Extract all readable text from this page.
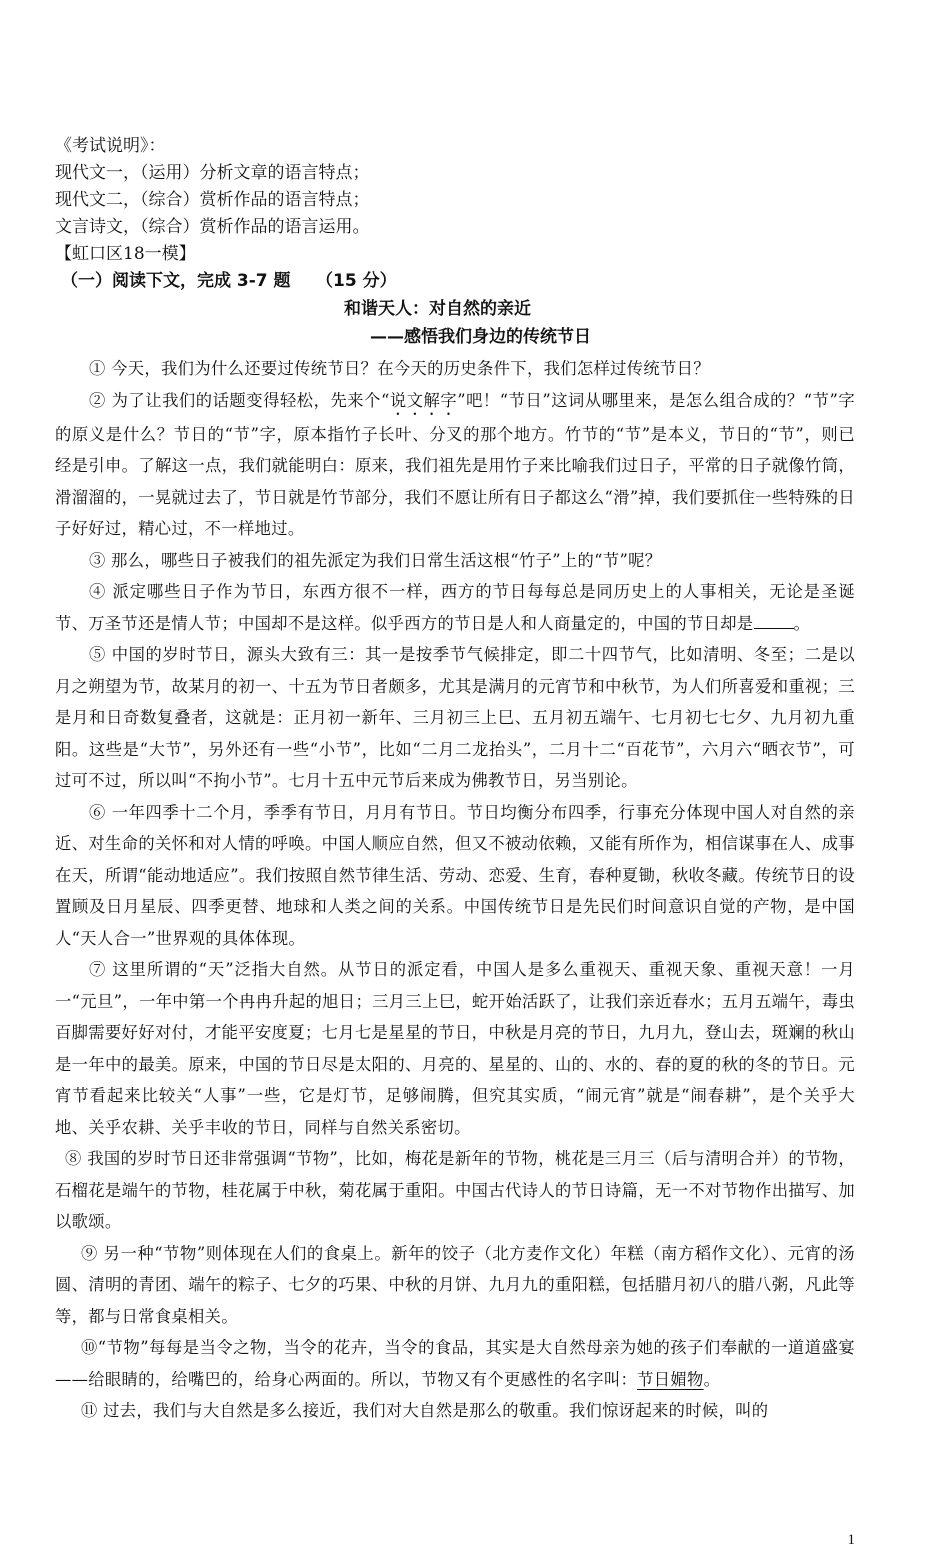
《考试说明》：
现代文一，（运用）分析文章的语言特点；
现代文二，（综合）赏析作品的语言特点；
文言诗文，（综合）赏析作品的语言运用。
【虹口区18一模】
（一）阅读下文，完成 3-7 题　　（15 分）
和谐天人：对自然的亲近
——感悟我们身边的传统节日

① 今天，我们为什么还要过传统节日？在今天的历史条件下，我们怎样过传统节日？

② 为了让我们的话题变得轻松，先来个“说文解字”吧！“节日”这词从哪里来，是怎么组合成的？“节”字的原义是什么？节日的“节”字，原本指竹子长叶、分叉的那个地方。竹节的“节”是本义，节日的“节”，则已经是引申。了解这一点，我们就能明白：原来，我们祖先是用竹子来比喻我们过日子，平常的日子就像竹筒，滑溜溜的，一晃就过去了，节日就是竹节部分，我们不愿让所有日子都这么“滑”掉，我们要抓住一些特殊的日子好好过，精心过，不一样地过。

③ 那么，哪些日子被我们的祖先派定为我们日常生活这根“竹子”上的“节”呢？

④ 派定哪些日子作为节日，东西方很不一样，西方的节日每每总是同历史上的人事相关，无论是圣诞节、万圣节还是情人节；中国却不是这样。似乎西方的节日是人和人商量定的，中国的节日却是 。

⑤ 中国的岁时节日，源头大致有三：其一是按季节气候排定，即二十四节气，比如清明、冬至；二是以月之朔望为节，故某月的初一、十五为节日者颇多，尤其是满月的元宵节和中秋节，为人们所喜爱和重视；三是月和日奇数复叠者，这就是：正月初一新年、三月初三上巳、五月初五端午、七月初七七夕、九月初九重阳。这些是“大节”，另外还有一些“小节”，比如“二月二龙抬头”，二月十二“百花节”，六月六“晒衣节”，可过可不过，所以叫“不拘小节”。七月十五中元节后来成为佛教节日，另当别论。

⑥ 一年四季十二个月，季季有节日，月月有节日。节日均衡分布四季，行事充分体现中国人对自然的亲近、对生命的关怀和对人情的呼唤。中国人顺应自然，但又不被动依赖，又能有所作为，相信谋事在人、成事在天，所谓“能动地适应”。我们按照自然节律生活、劳动、恋爱、生育，春种夏锄，秋收冬藏。传统节日的设置顾及日月星辰、四季更替、地球和人类之间的关系。中国传统节日是先民们时间意识自觉的产物，是中国人“天人合一”世界观的具体体现。

⑦ 这里所谓的“天”泛指大自然。从节日的派定看，中国人是多么重视天、重视天象、重视天意！一月一“元旦”，一年中第一个冉冉升起的旭日；三月三上巳，蛇开始活跃了，让我们亲近春水；五月五端午，毒虫百脚需要好好对付，才能平安度夏；七月七是星星的节日，中秋是月亮的节日，九月九，登山去，斑斓的秋山是一年中的最美。原来，中国的节日尽是太阳的、月亮的、星星的、山的、水的、春的夏的秋的冬的节日。元宵节看起来比较关“人事”一些，它是灯节，足够闹腾，但究其实质，“闹元宵”就是“闹春耕”，是个关乎大地、关乎农耕、关乎丰收的节日，同样与自然关系密切。

⑧ 我国的岁时节日还非常强调“节物”，比如，梅花是新年的节物，桃花是三月三（后与清明合并）的节物，石榴花是端午的节物，桂花属于中秋，菊花属于重阳。中国古代诗人的节日诗篇，无一不对节物作出描写、加以歌颂。

⑨ 另一种“节物”则体现在人们的食桌上。新年的饺子（北方麦作文化）年糕（南方稻作文化）、元宵的汤圆、清明的青团、端午的粽子、七夕的巧果、中秋的月饼、九月九的重阳糕，包括腊月初八的腊八粥，凡此等等，都与日常食桌相关。

⑩“节物”每每是当令之物，当令的花卉，当令的食品，其实是大自然母亲为她的孩子们奉献的一道道盛宴——给眼睛的，给嘴巴的，给身心两面的。所以，节物又有个更感性的名字叫：节日媚物。

⑪ 过去，我们与大自然是多么接近，我们对大自然是那么的敬重。我们惊讶起来的时候，叫的

1
